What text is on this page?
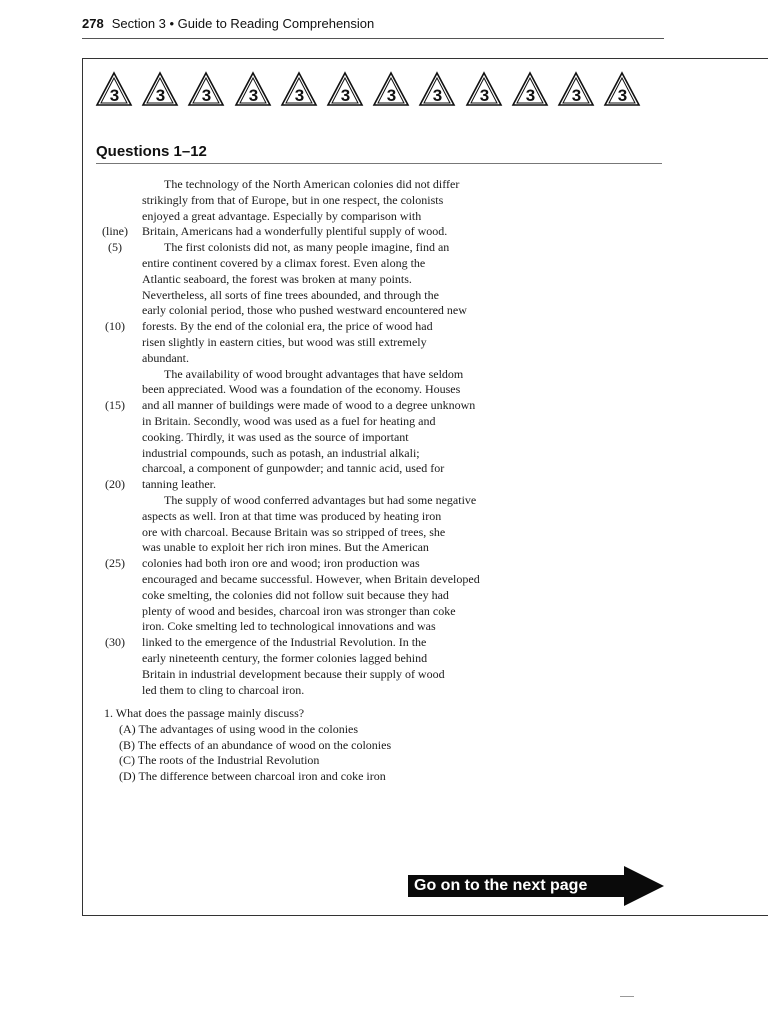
278 Section 3 • Guide to Reading Comprehension
3 3 3 3 3 3 3 3 3 3 3 3
Questions 1–12
The technology of the North American colonies did not differ
strikingly from that of Europe, but in one respect, the colonists
enjoyed a great advantage. Especially by comparison with
(line)	Britain, Americans had a wonderfully plentiful supply of wood.
(5)	The first colonists did not, as many people imagine, find an
entire continent covered by a climax forest. Even along the
Atlantic seaboard, the forest was broken at many points.
Nevertheless, all sorts of fine trees abounded, and through the
early colonial period, those who pushed westward encountered new
(10)	forests. By the end of the colonial era, the price of wood had
risen slightly in eastern cities, but wood was still extremely
abundant.
The availability of wood brought advantages that have seldom
been appreciated. Wood was a foundation of the economy. Houses
(15)	and all manner of buildings were made of wood to a degree unknown
in Britain. Secondly, wood was used as a fuel for heating and
cooking. Thirdly, it was used as the source of important
industrial compounds, such as potash, an industrial alkali;
charcoal, a component of gunpowder; and tannic acid, used for
(20)	tanning leather.
The supply of wood conferred advantages but had some negative
aspects as well. Iron at that time was produced by heating iron
ore with charcoal. Because Britain was so stripped of trees, she
was unable to exploit her rich iron mines. But the American
(25)	colonies had both iron ore and wood; iron production was
encouraged and became successful. However, when Britain developed
coke smelting, the colonies did not follow suit because they had
plenty of wood and besides, charcoal iron was stronger than coke
iron. Coke smelting led to technological innovations and was
(30)	linked to the emergence of the Industrial Revolution. In the
early nineteenth century, the former colonies lagged behind
Britain in industrial development because their supply of wood
led them to cling to charcoal iron.
1. What does the passage mainly discuss?
(A) The advantages of using wood in the colonies
(B) The effects of an abundance of wood on the colonies
(C) The roots of the Industrial Revolution
(D) The difference between charcoal iron and coke iron
Go on to the next page
